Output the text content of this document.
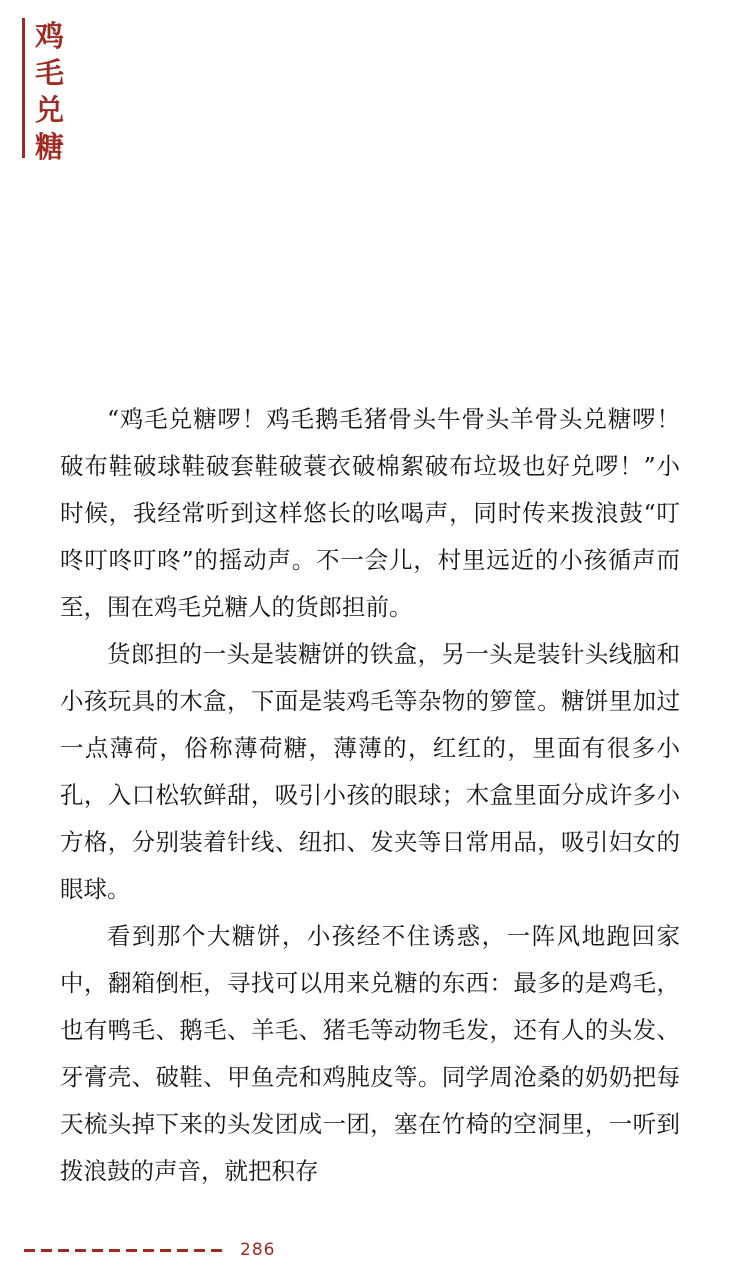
鸡
毛
兑
糖

“鸡毛兑糖啰！鸡毛鹅毛猪骨头牛骨头羊骨头兑糖啰！破布鞋破球鞋破套鞋破蓑衣破棉絮破布垃圾也好兑啰！”小时候，我经常听到这样悠长的吆喝声，同时传来拨浪鼓“叮咚叮咚叮咚”的摇动声。不一会儿，村里远近的小孩循声而至，围在鸡毛兑糖人的货郎担前。

货郎担的一头是装糖饼的铁盒，另一头是装针头线脑和小孩玩具的木盒，下面是装鸡毛等杂物的箩筐。糖饼里加过一点薄荷，俗称薄荷糖，薄薄的，红红的，里面有很多小孔，入口松软鲜甜，吸引小孩的眼球；木盒里面分成许多小方格，分别装着针线、纽扣、发夹等日常用品，吸引妇女的眼球。

看到那个大糖饼，小孩经不住诱惑，一阵风地跑回家中，翻箱倒柜，寻找可以用来兑糖的东西：最多的是鸡毛，也有鸭毛、鹅毛、羊毛、猪毛等动物毛发，还有人的头发、牙膏壳、破鞋、甲鱼壳和鸡肫皮等。同学周沧桑的奶奶把每天梳头掉下来的头发团成一团，塞在竹椅的空洞里，一听到拨浪鼓的声音，就把积存

286
